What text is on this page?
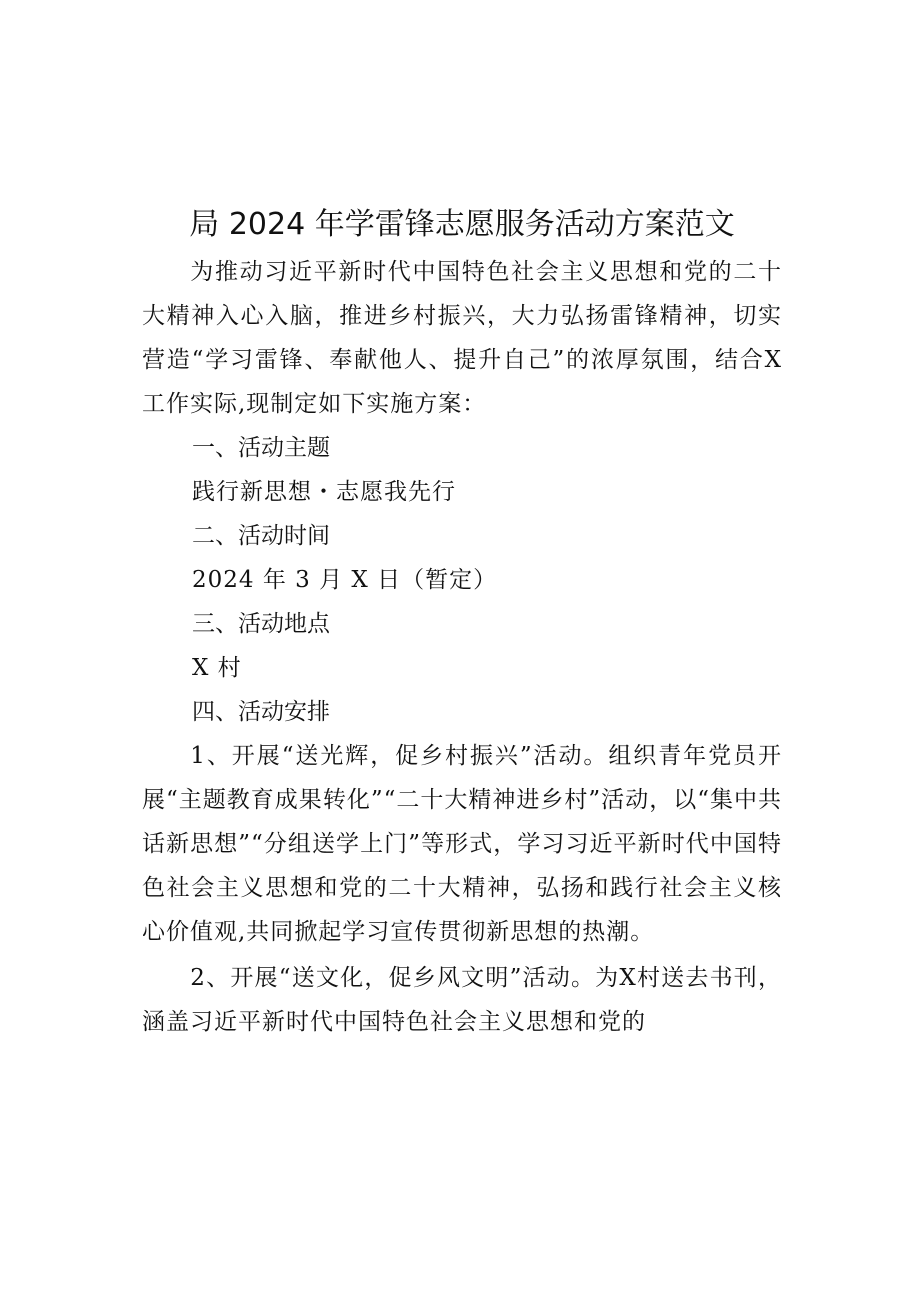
局 2024 年学雷锋志愿服务活动方案范文

为推动习近平新时代中国特色社会主义思想和党的二十大精神入心入脑，推进乡村振兴，大力弘扬雷锋精神，切实营造“学习雷锋、奉献他人、提升自己”的浓厚氛围，结合X工作实际,现制定如下实施方案：

一、活动主题
践行新思想・志愿我先行
二、活动时间
2024 年 3 月 X 日（暂定）
三、活动地点
X 村
四、活动安排

1、开展“送光辉，促乡村振兴”活动。组织青年党员开展“主题教育成果转化”“二十大精神进乡村”活动，以“集中共话新思想”“分组送学上门”等形式，学习习近平新时代中国特色社会主义思想和党的二十大精神，弘扬和践行社会主义核心价值观,共同掀起学习宣传贯彻新思想的热潮。

2、开展“送文化，促乡风文明”活动。为X村送去书刊，涵盖习近平新时代中国特色社会主义思想和党的
